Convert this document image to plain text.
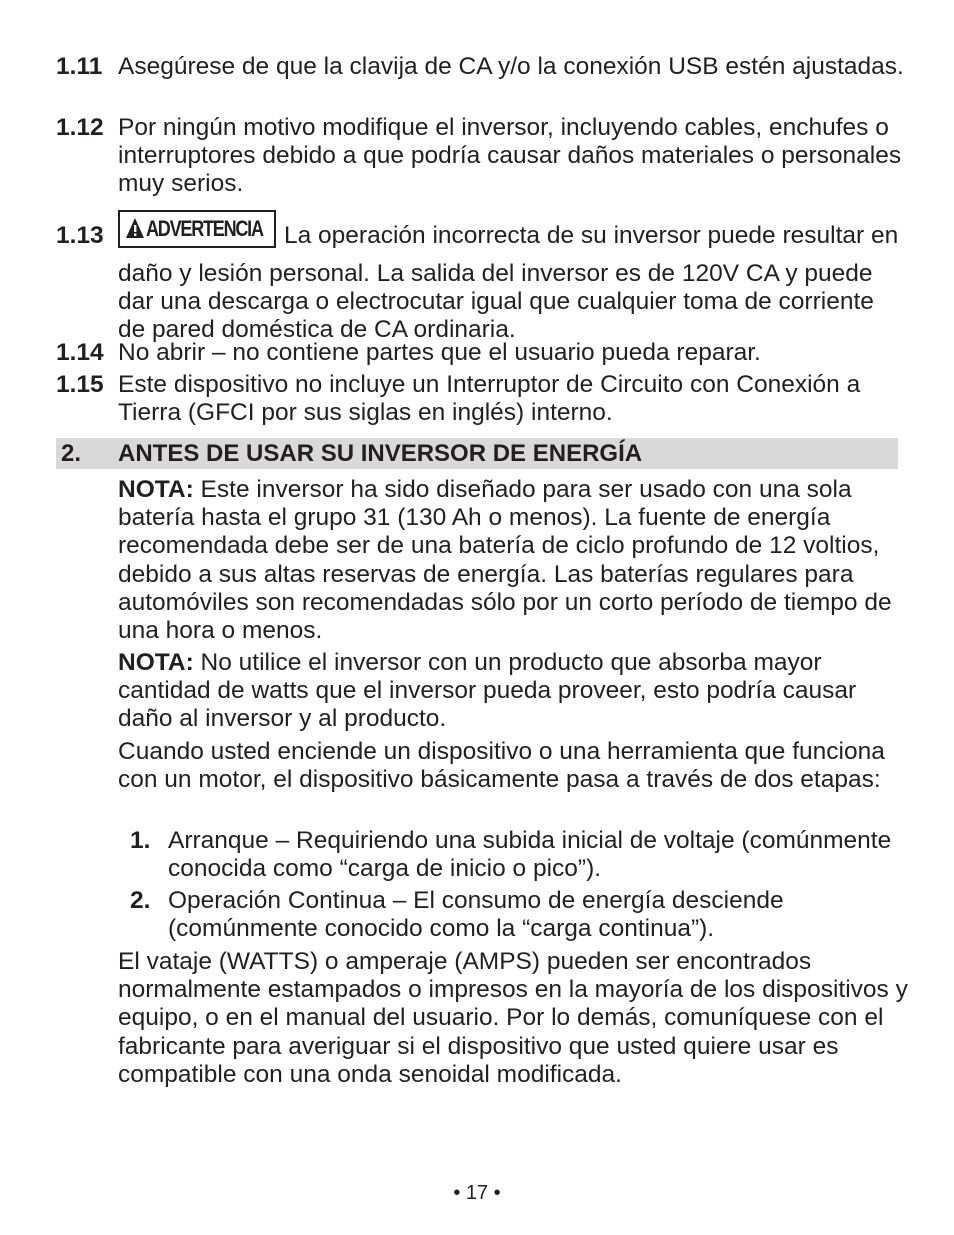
1.11 Asegúrese de que la clavija de CA y/o la conexión USB estén ajustadas.
1.12 Por ningún motivo modifique el inversor, incluyendo cables, enchufes o interruptores debido a que podría causar daños materiales o personales muy serios.
1.13	ADVERTENCIA La operación incorrecta de su inversor puede resultar en daño y lesión personal. La salida del inversor es de 120V CA y puede dar una descarga o electrocutar igual que cualquier toma de corriente de pared doméstica de CA ordinaria.
1.14 No abrir – no contiene partes que el usuario pueda reparar.
1.15 Este dispositivo no incluye un Interruptor de Circuito con Conexión a Tierra (GFCI por sus siglas en inglés) interno.
2. ANTES DE USAR SU INVERSOR DE ENERGÍA
NOTA: Este inversor ha sido diseñado para ser usado con una sola batería hasta el grupo 31 (130 Ah o menos). La fuente de energía recomendada debe ser de una batería de ciclo profundo de 12 voltios, debido a sus altas reservas de energía. Las baterías regulares para automóviles son recomendadas sólo por un corto período de tiempo de una hora o menos.
NOTA: No utilice el inversor con un producto que absorba mayor cantidad de watts que el inversor pueda proveer, esto podría causar daño al inversor y al producto.
Cuando usted enciende un dispositivo o una herramienta que funciona con un motor, el dispositivo básicamente pasa a través de dos etapas:
1. Arranque – Requiriendo una subida inicial de voltaje (comúnmente conocida como “carga de inicio o pico”).
2. Operación Continua – El consumo de energía desciende (comúnmente conocido como la “carga continua”).
El vataje (WATTS) o amperaje (AMPS) pueden ser encontrados normalmente estampados o impresos en la mayoría de los dispositivos y equipo, o en el manual del usuario. Por lo demás, comuníquese con el fabricante para averiguar si el dispositivo que usted quiere usar es compatible con una onda senoidal modificada.
• 17 •
